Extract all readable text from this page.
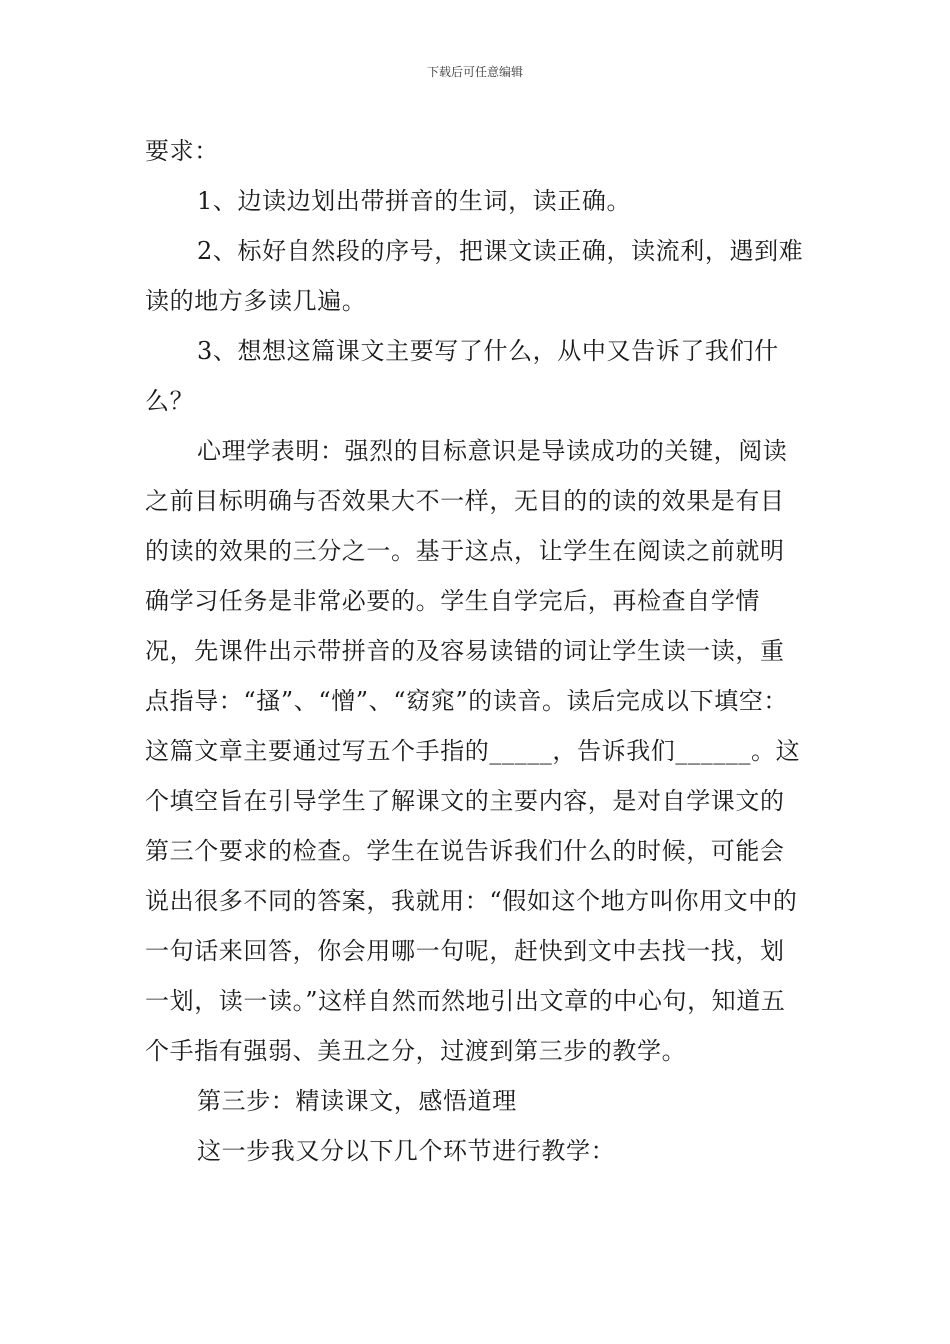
下载后可任意编辑

要求：

1、边读边划出带拼音的生词，读正确。

2、标好自然段的序号，把课文读正确，读流利，遇到难读的地方多读几遍。

3、想想这篇课文主要写了什么，从中又告诉了我们什么？

心理学表明：强烈的目标意识是导读成功的关键，阅读之前目标明确与否效果大不一样，无目的的读的效果是有目的读的效果的三分之一。基于这点，让学生在阅读之前就明确学习任务是非常必要的。学生自学完后，再检查自学情况，先课件出示带拼音的及容易读错的词让学生读一读，重点指导：“搔”、“憎”、“窈窕”的读音。读后完成以下填空：这篇文章主要通过写五个手指的_____，告诉我们______。这个填空旨在引导学生了解课文的主要内容，是对自学课文的第三个要求的检查。学生在说告诉我们什么的时候，可能会说出很多不同的答案，我就用：“假如这个地方叫你用文中的一句话来回答，你会用哪一句呢，赶快到文中去找一找，划一划，读一读。”这样自然而然地引出文章的中心句，知道五个手指有强弱、美丑之分，过渡到第三步的教学。

第三步：精读课文，感悟道理

这一步我又分以下几个环节进行教学：
